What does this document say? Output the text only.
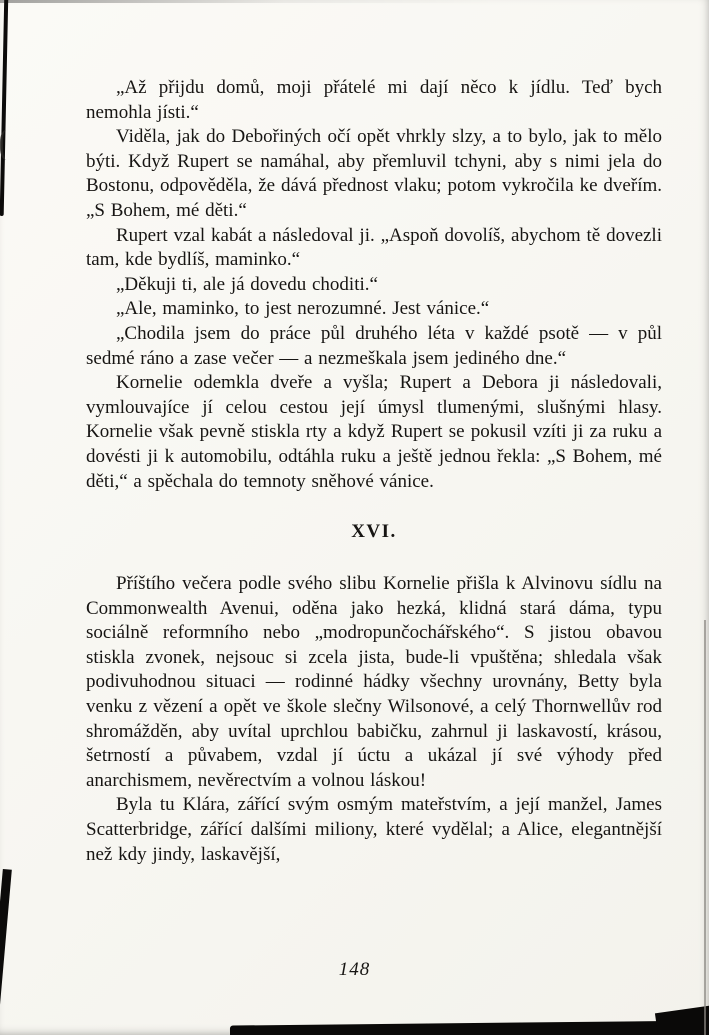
„Až přijdu domů, moji přátelé mi dají něco k jídlu. Teď bych nemohla jísti.“

Viděla, jak do Debořiných očí opět vhrkly slzy, a to bylo, jak to mělo býti. Když Rupert se namáhal, aby přemluvil tchyni, aby s nimi jela do Bostonu, odpověděla, že dává přednost vlaku; potom vykročila ke dveřím. „S Bohem, mé děti.“

Rupert vzal kabát a následoval ji. „Aspoň dovolíš, abychom tě dovezli tam, kde bydlíš, maminko.“

„Děkuji ti, ale já dovedu choditi.“

„Ale, maminko, to jest nerozumné. Jest vánice.“

„Chodila jsem do práce půl druhého léta v každé psotě — v půl sedmé ráno a zase večer — a nezmeškala jsem jediného dne.“

Kornelie odemkla dveře a vyšla; Rupert a Debora ji následovali, vymlouvajíce jí celou cestou její úmysl tlumenými, slušnými hlasy. Kornelie však pevně stiskla rty a když Rupert se pokusil vzíti ji za ruku a dovésti ji k automobilu, odtáhla ruku a ještě jednou řekla: „S Bohem, mé děti,“ a spěchala do temnoty sněhové vánice.

XVI.

Příštího večera podle svého slibu Kornelie přišla k Alvinovu sídlu na Commonwealth Avenui, oděna jako hezká, klidná stará dáma, typu sociálně reformního nebo „modropunčochářského“. S jistou obavou stiskla zvonek, nejsouc si zcela jista, bude-li vpuštěna; shledala však podivuhodnou situaci — rodinné hádky všechny urovnány, Betty byla venku z vězení a opět ve škole slečny Wilsonové, a celý Thornwellův rod shromážděn, aby uvítal uprchlou babičku, zahrnul ji laskavostí, krásou, šetrností a půvabem, vzdal jí úctu a ukázal jí své výhody před anarchismem, nevěrectvím a volnou láskou!

Byla tu Klára, zářící svým osmým mateřstvím, a její manžel, James Scatterbridge, zářící dalšími miliony, které vydělal; a Alice, elegantnější než kdy jindy, laskavější,

148
